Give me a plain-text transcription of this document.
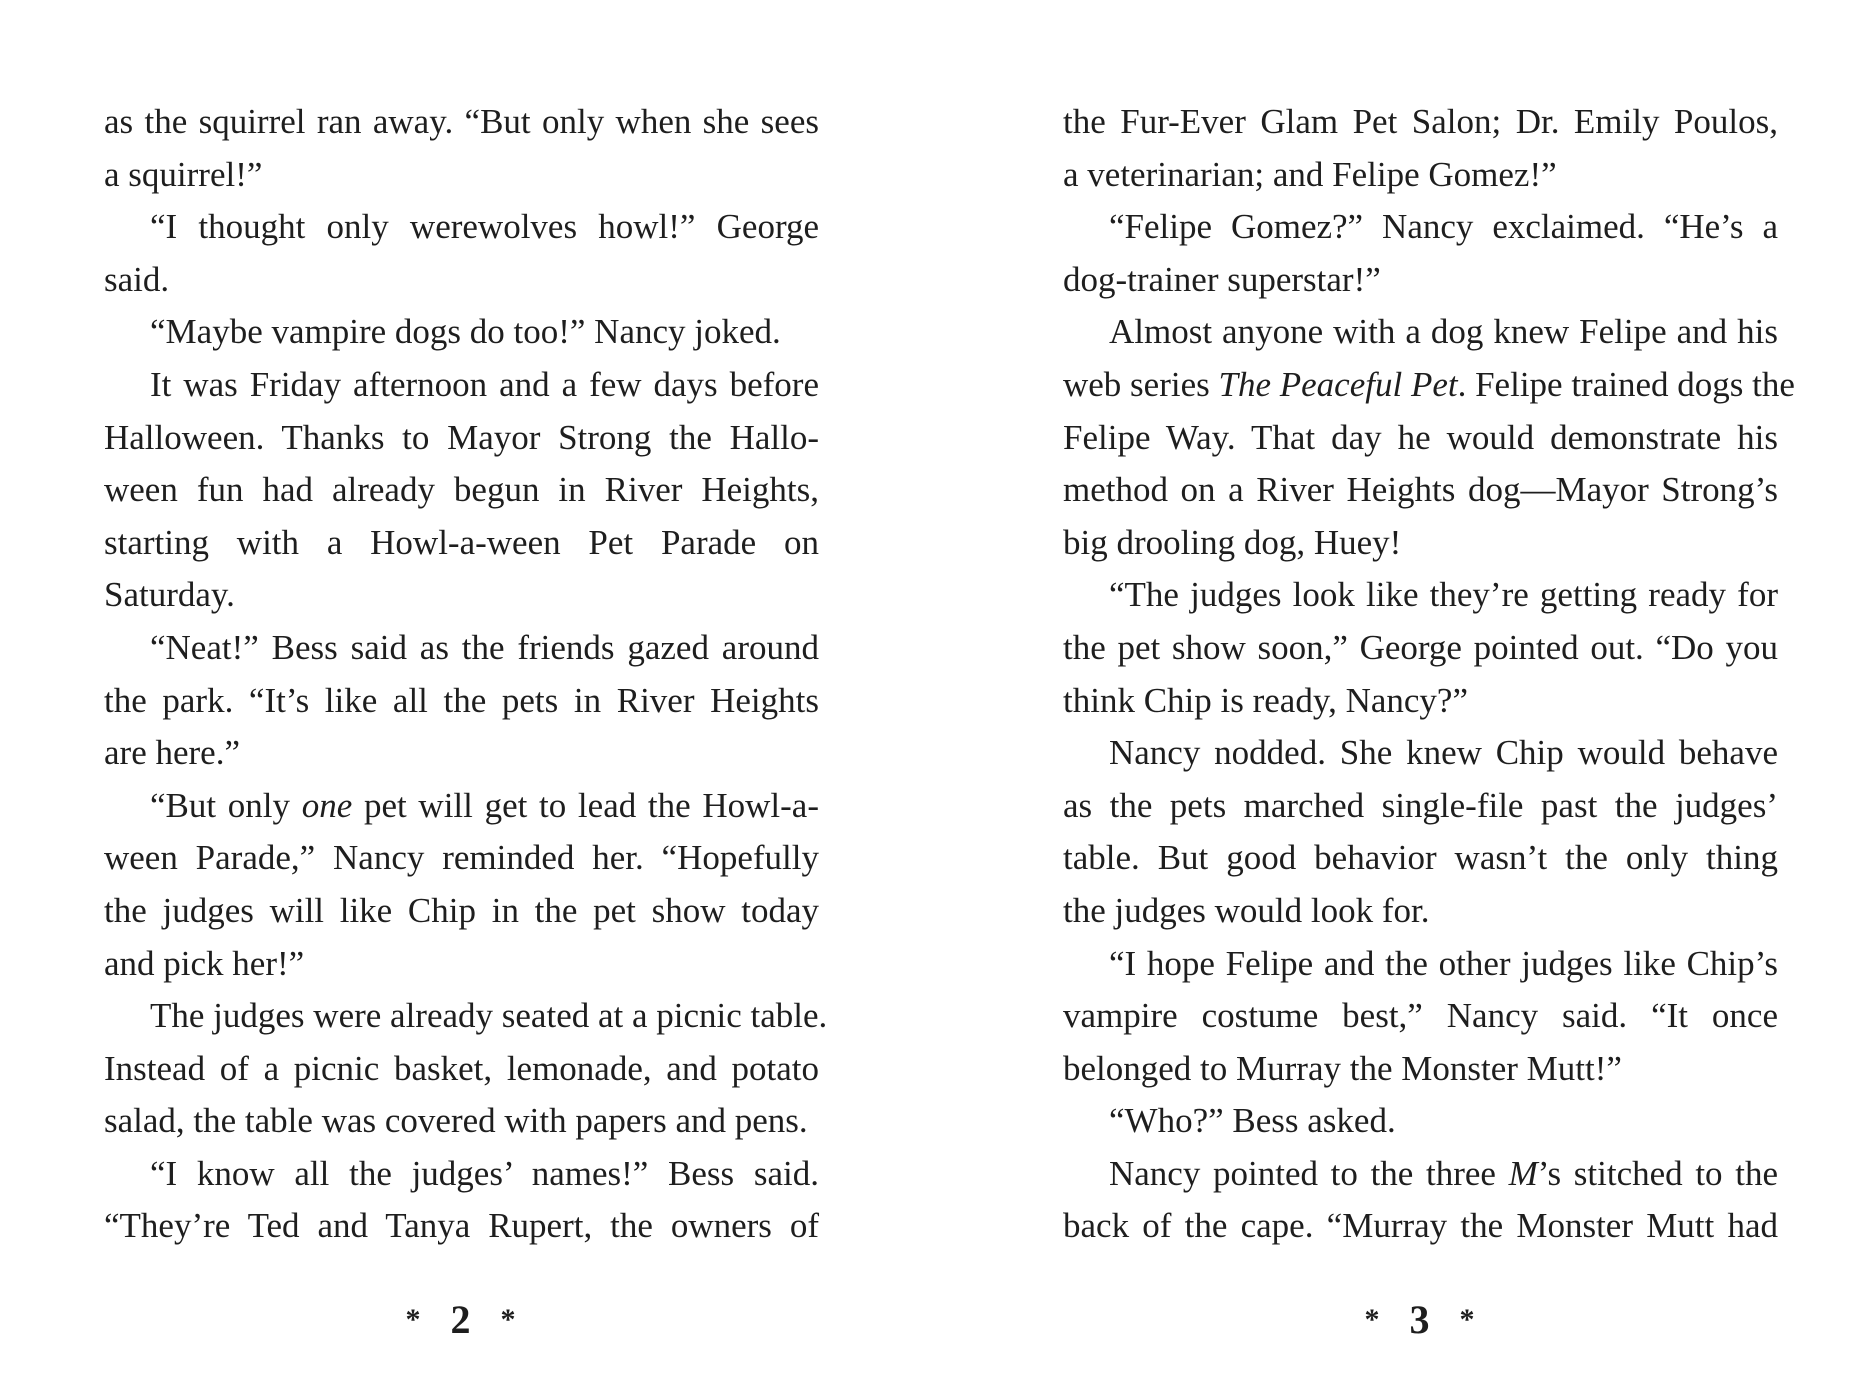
as the squirrel ran away. “But only when she sees
a squirrel!”
“I thought only werewolves howl!” George
said.
“Maybe vampire dogs do too!” Nancy joked.
It was Friday afternoon and a few days before
Halloween. Thanks to Mayor Strong the Hallo-
ween fun had already begun in River Heights,
starting with a Howl-a-ween Pet Parade on
Saturday.
“Neat!” Bess said as the friends gazed around
the park. “It’s like all the pets in River Heights
are here.”
“But only one pet will get to lead the Howl-a-
ween Parade,” Nancy reminded her. “Hopefully
the judges will like Chip in the pet show today
and pick her!”
The judges were already seated at a picnic table.
Instead of a picnic basket, lemonade, and potato
salad, the table was covered with papers and pens.
“I know all the judges’ names!” Bess said.
“They’re Ted and Tanya Rupert, the owners of
* 2 *
the Fur-Ever Glam Pet Salon; Dr. Emily Poulos,
a veterinarian; and Felipe Gomez!”
“Felipe Gomez?” Nancy exclaimed. “He’s a
dog-trainer superstar!”
Almost anyone with a dog knew Felipe and his
web series The Peaceful Pet. Felipe trained dogs the
Felipe Way. That day he would demonstrate his
method on a River Heights dog—Mayor Strong’s
big drooling dog, Huey!
“The judges look like they’re getting ready for
the pet show soon,” George pointed out. “Do you
think Chip is ready, Nancy?”
Nancy nodded. She knew Chip would behave
as the pets marched single-file past the judges’
table. But good behavior wasn’t the only thing
the judges would look for.
“I hope Felipe and the other judges like Chip’s
vampire costume best,” Nancy said. “It once
belonged to Murray the Monster Mutt!”
“Who?” Bess asked.
Nancy pointed to the three M’s stitched to the
back of the cape. “Murray the Monster Mutt had
* 3 *
